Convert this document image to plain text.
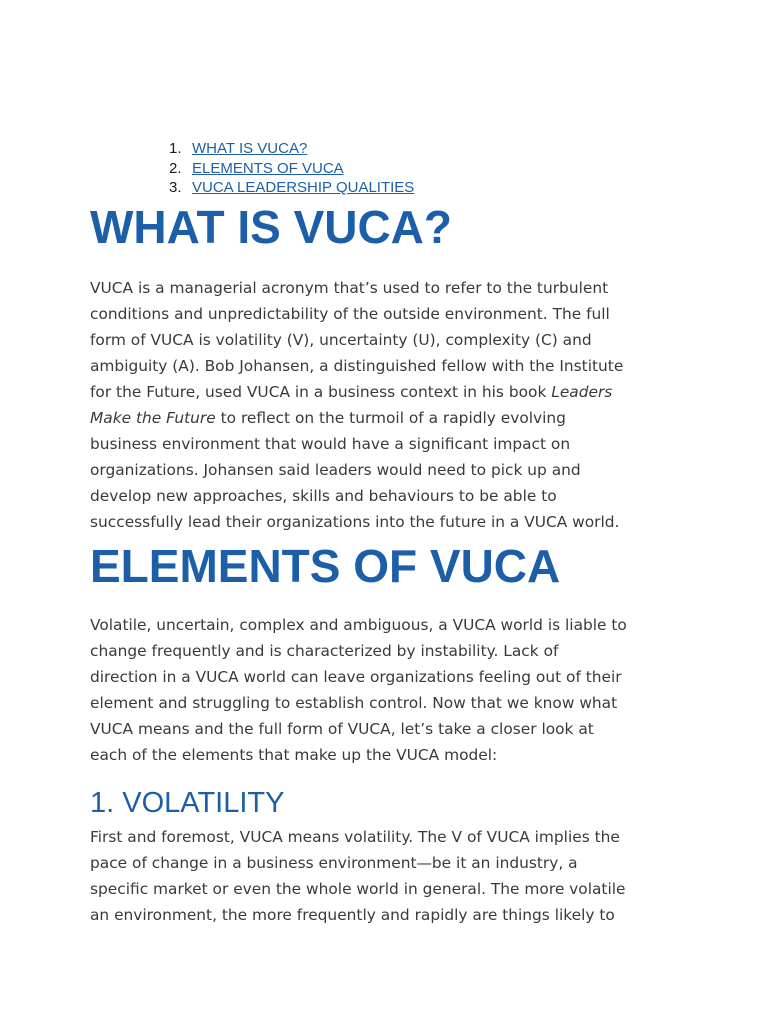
1. WHAT IS VUCA?
2. ELEMENTS OF VUCA
3. VUCA LEADERSHIP QUALITIES
WHAT IS VUCA?

VUCA is a managerial acronym that’s used to refer to the turbulent
conditions and unpredictability of the outside environment. The full
form of VUCA is volatility (V), uncertainty (U), complexity (C) and
ambiguity (A). Bob Johansen, a distinguished fellow with the Institute
for the Future, used VUCA in a business context in his book Leaders
Make the Future to reflect on the turmoil of a rapidly evolving
business environment that would have a significant impact on
organizations. Johansen said leaders would need to pick up and
develop new approaches, skills and behaviours to be able to
successfully lead their organizations into the future in a VUCA world.

ELEMENTS OF VUCA

Volatile, uncertain, complex and ambiguous, a VUCA world is liable to
change frequently and is characterized by instability. Lack of
direction in a VUCA world can leave organizations feeling out of their
element and struggling to establish control. Now that we know what
VUCA means and the full form of VUCA, let’s take a closer look at
each of the elements that make up the VUCA model:

1. VOLATILITY

First and foremost, VUCA means volatility. The V of VUCA implies the
pace of change in a business environment—be it an industry, a
specific market or even the whole world in general. The more volatile
an environment, the more frequently and rapidly are things likely to
